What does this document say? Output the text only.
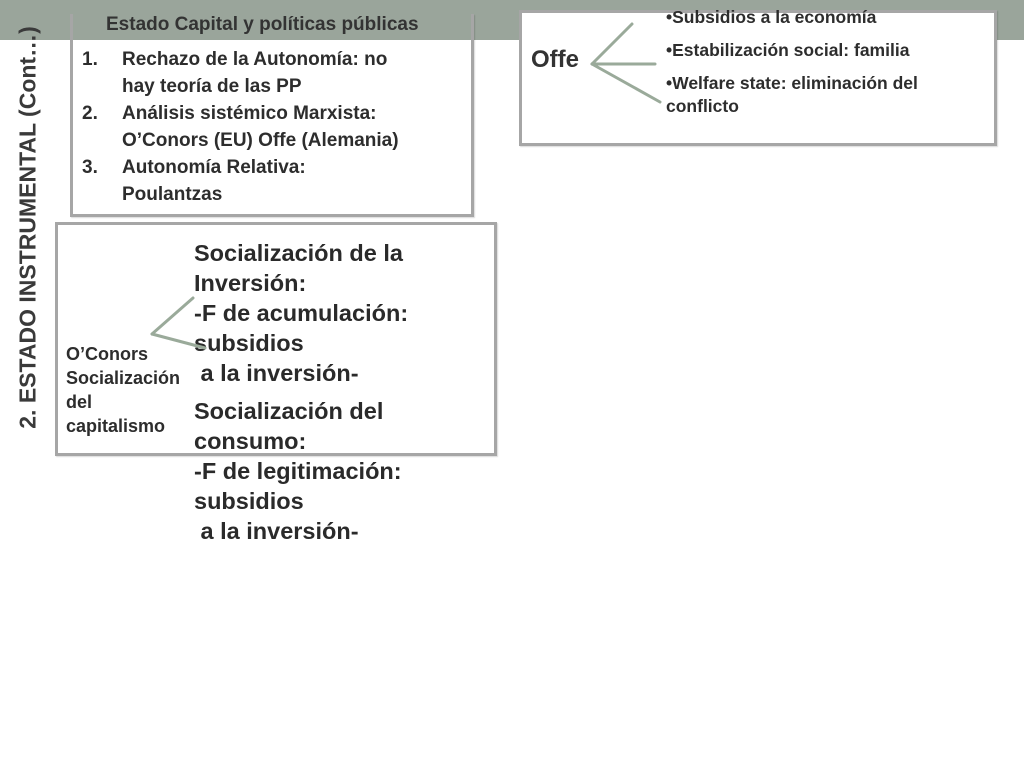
2. ESTADO INSTRUMENTAL (Cont…)
Estado Capital y políticas públicas
1. Rechazo de la Autonomía: no
hay teoría de las PP
2. Análisis sistémico Marxista:
O’Conors (EU) Offe (Alemania)
3. Autonomía Relativa:
Poulantzas
Offe
•Subsidios a la economía
•Estabilización social: familia
•Welfare state: eliminación del conflicto
O’Conors
Socialización
del
capitalismo
Socialización de la
Inversión:
-F de acumulación:
subsidios
a la inversión-
Socialización del
consumo:
-F de legitimación:
subsidios
a la inversión-
